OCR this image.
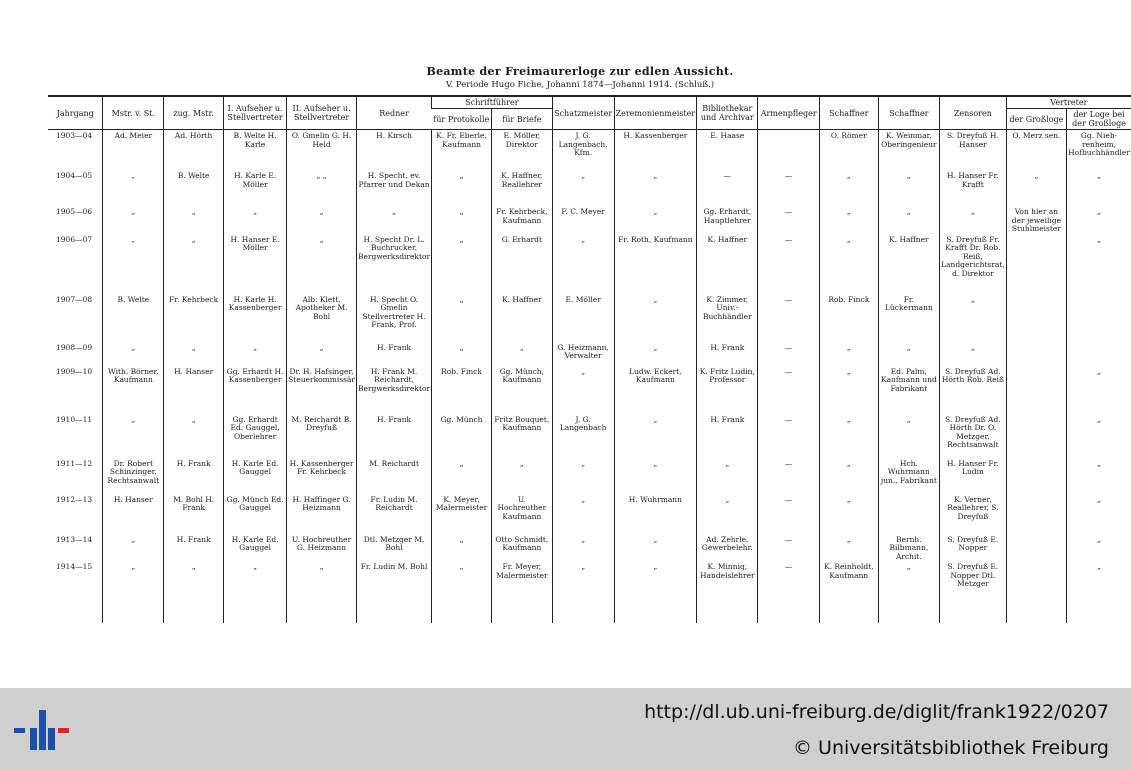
Beamte der Freimaurerloge zur edlen Aussicht.
V. Periode Hugo Fiche, Johanni 1874—Johanni 1914. (Schluß.)
Jahrgang	Mstr. v. St.	zug. Mstr.	I. Aufseher u. Stellvertreter	II. Aufseher u. Stellvertreter	Redner	Schriftführer		Schatzmeister	Zeremonienmeister	Bibliothekar und Archivar	Armenpfleger	Schaffner	Schaffner	Zensoren	Vertreter	
						für Protokolle	für Briefe								der Großloge	der Loge bei der Großloge
1903—04	Ad. Meier	Ad. Hörth	B. Welte H. Karle	O. Gmelin G. H. Held	H. Kirsch	K. Fr. Eberle, Kaufmann	E. Möller, Direktor	J. G. Langenbach, Kfm.	H. Kassenberger	E. Haase		O. Römer	K. Weinmar, Oberingenieur	S. Dreyfuß H. Hanser	O. Merz sen.	Gg. Niehrenheim, Hofbuchhändler
1904—05	„	B. Welte	H. Karle E. Möller	„ „	H. Specht, ev. Pfarrer und Dekan	„	K. Haffner, Reallehrer	„	„	—	—	„	„	H. Hanser Fr. Krafft	„	„
1905—06	„	„	„	„	„	„	Fr. Kehrbeck, Kaufmann	F. C. Meyer	„	Gg. Erhardt, Hauptlehrer	—	„	„	„	Von hier an der jeweilige Stuhlmeister	„
1906—07	„	„	H. Hanser E. Möller	„	H. Specht Dr. L. Buchrucker, Bergwerksdirektor	„	G. Erhardt	„	Fr. Roth, Kaufmann	K. Haffner	—	„	K. Haffner	S. Dreyfuß Fr. Krafft Dr. Rob. Reiß, Landgerichtsrat, d. Direktor		„
1907—08	B. Welte	Fr. Kehrbeck	H. Karle H. Kassenberger	Alb. Klett, Apotheker M. Bohl	H. Specht O. Gmelin Stellvertreter H. Frank, Prof.	„	K. Haffner	E. Möller	„	K. Zimmer, Univ.-Buchhändler	—	Rob. Finck	Fr. Lückermann	„		
1908—09	„	„	„	„	H. Frank	„	„	G. Heizmann, Verwalter	„	H. Frank	—	„	„	„		
1909—10	With. Börner, Kaufmann	H. Hanser	Gg. Erhardt H. Kassenberger	Dr. H. Hafsinger, Steuerkommissär	H. Frank M. Reichardt, Bergwerksdirektor	Rob. Finck	Gg. Münch, Kaufmann	„	Ludw. Eckert, Kaufmann	K. Fritz Ludin, Professor	—	„	Ed. Palm, Kaufmann und Fabrikant	S. Dreyfuß Ad. Hörth Rob. Reiß		„
1910—11	„	„	Gg. Erhardt Ed. Gauggel, Oberlehrer	M. Reichardt B. Dreyfuß	H. Frank	Gg. Münch	Fritz Bouquet, Kaufmann	J. G. Langenbach	„	H. Frank	—	„	„	S. Dreyfuß Ad. Hörth Dr. O. Metzger, Rechtsanwalt		„
1911—12	Dr. Robert Schinzinger, Rechtsanwalt	H. Frank	H. Karle Ed. Gauggel	H. Kassenberger Fr. Kehrbeck	M. Reichardt	„	„	„	„	„	—	„	Hch. Wuhrmann jun., Fabrikant	H. Hanser Fr. Ludin		„
1912—13	H. Hanser	M. Bohl H. Frank	Gg. Münch Ed. Gauggel	H. Haffinger G. Heizmann	Fr. Ludin M. Reichardt	K. Meyer, Malermeister	U. Hochreuther Kaufmann	„	H. Wuhrmann	„	—	„		K. Verner, Reallehrer, S. Dreyfuß		„
1913—14	„	H. Frank	H. Karle Ed. Gauggel	U. Hochreuther G. Heizmann	Dtl. Metzger M. Bohl	„	Otto Schmidt, Kaufmann	„	„	Ad. Zehrle, Gewerbelehr.	—	„	Bernh. Bilbmann, Archit.	S. Dreyfuß E. Nopper		„
1914—15	„	„	„	„	Fr. Ludin M. Bohl	„	Fr. Meyer, Malermeister	„	„	K. Minnig, Handelslehrer	—	K. Reinholdt, Kaufmann	„	S. Dreyfuß E. Nopper Dtl. Metzger		„
http://dl.ub.uni-freiburg.de/diglit/frank1922/0207
© Universitätsbibliothek Freiburg
